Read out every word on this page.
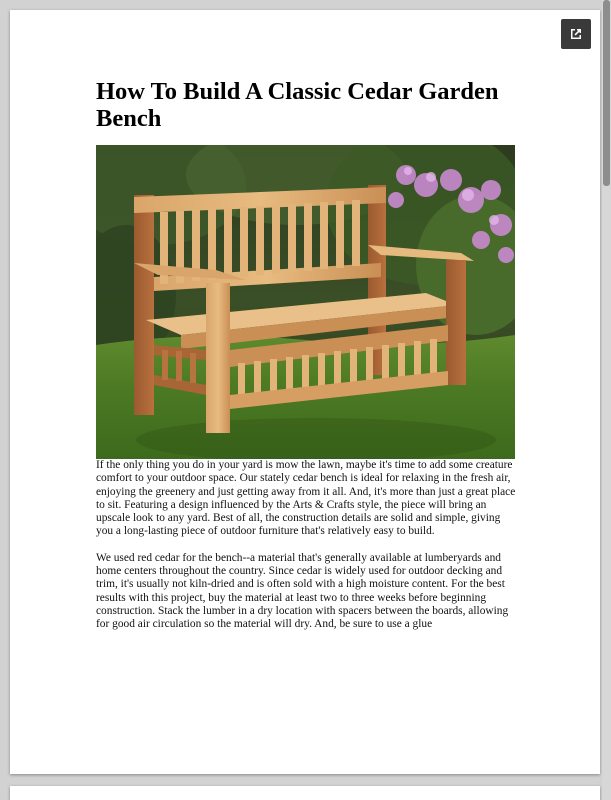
How To Build A Classic Cedar Garden Bench

If the only thing you do in your yard is mow the lawn, maybe it's time to add some creature comfort to your outdoor space. Our stately cedar bench is ideal for relaxing in the fresh air, enjoying the greenery and just getting away from it all. And, it's more than just a great place to sit. Featuring a design influenced by the Arts & Crafts style, the piece will bring an upscale look to any yard. Best of all, the construction details are solid and simple, giving you a long-lasting piece of outdoor furniture that's relatively easy to build.

We used red cedar for the bench--a material that's generally available at lumberyards and home centers throughout the country. Since cedar is widely used for outdoor decking and trim, it's usually not kiln-dried and is often sold with a high moisture content. For the best results with this project, buy the material at least two to three weeks before beginning construction. Stack the lumber in a dry location with spacers between the boards, allowing for good air circulation so the material will dry. And, be sure to use a glue
